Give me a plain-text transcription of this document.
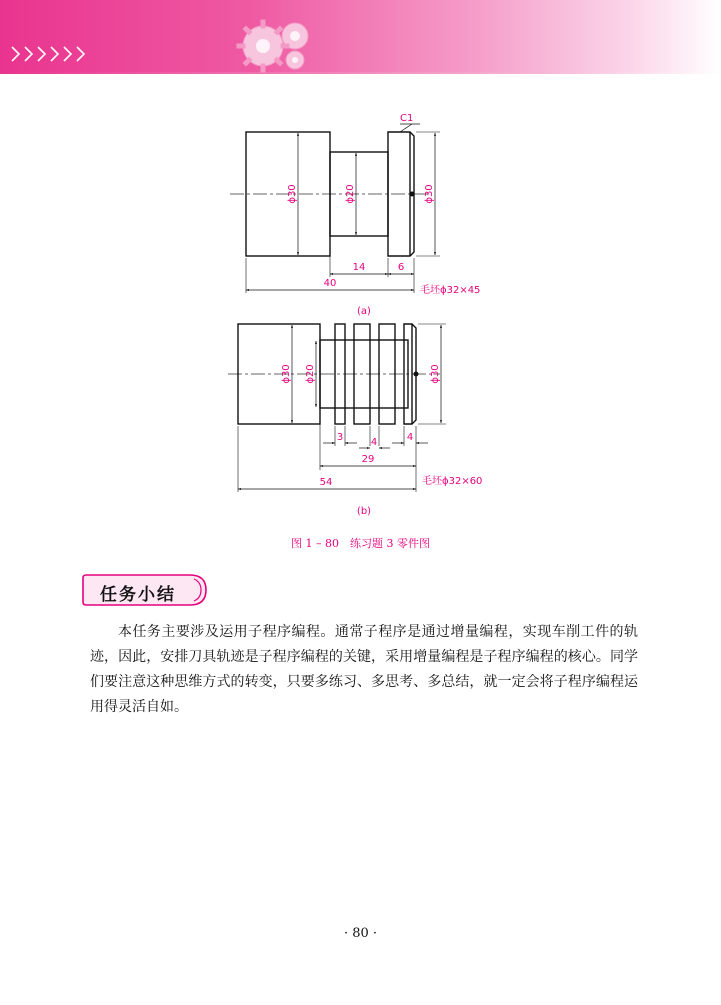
C1
ϕ30	ϕ20	ϕ30
14	6
40
毛坯ϕ32×45
(a)
ϕ30 ϕ20	ϕ30
3	4	4
29
54	毛坯ϕ32×60
(b)
图 1 – 80　练习题 3 零件图
任务小结

本任务主要涉及运用子程序编程。通常子程序是通过增量编程，实现车削工件的轨迹，因此，安排刀具轨迹是子程序编程的关键，采用增量编程是子程序编程的核心。同学们要注意这种思维方式的转变，只要多练习、多思考、多总结，就一定会将子程序编程运用得灵活自如。

· 80 ·
